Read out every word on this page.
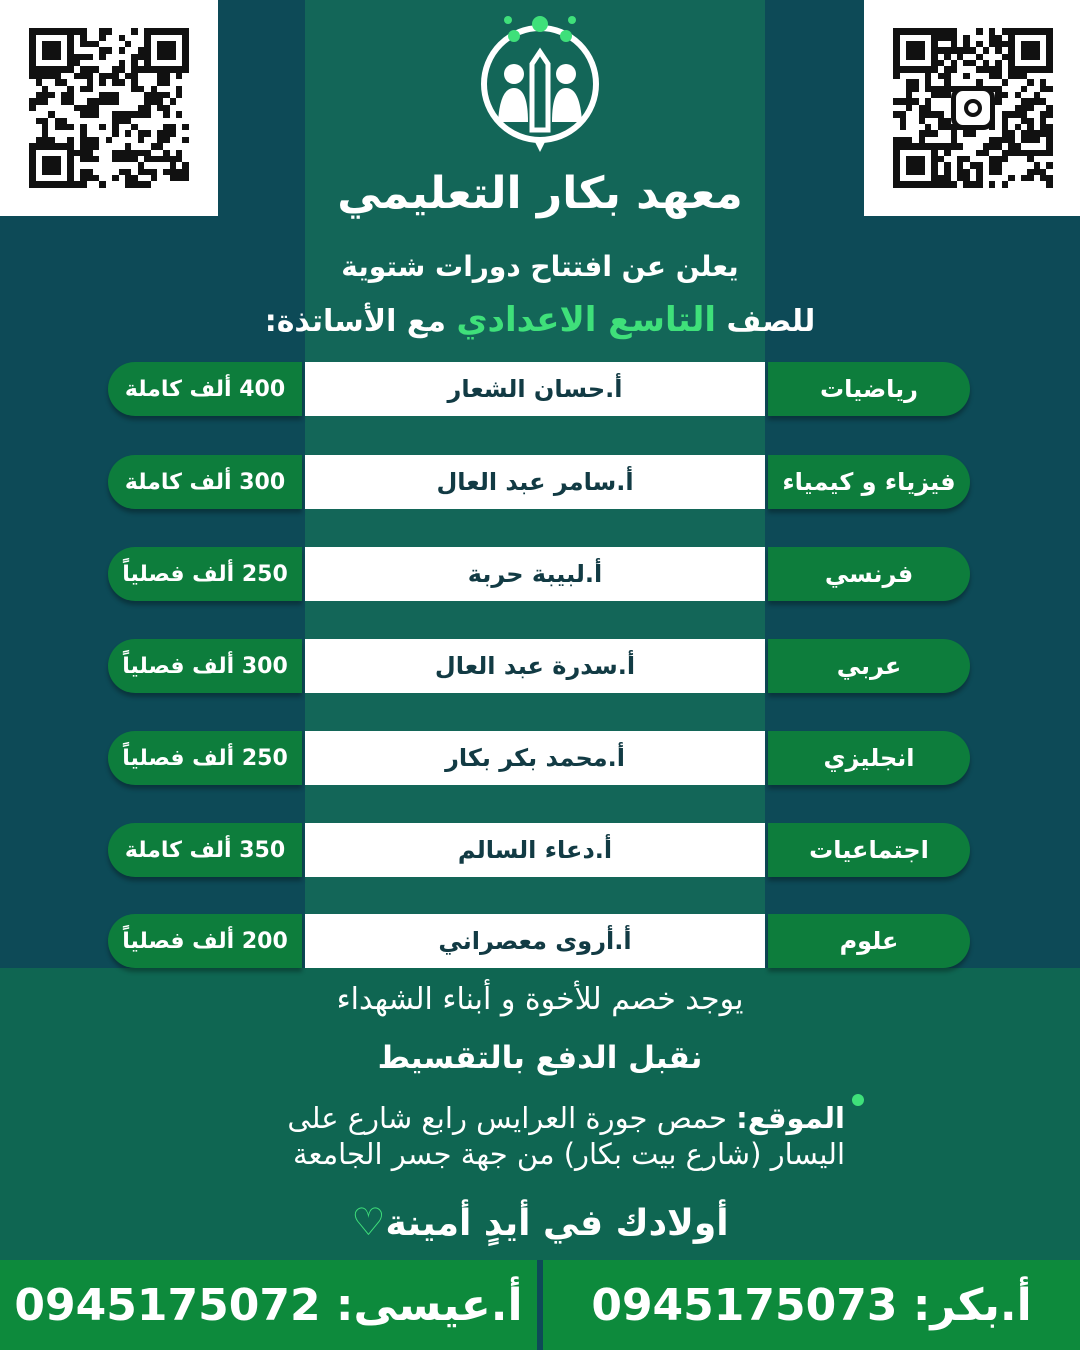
معهد بكار التعليمي
يعلن عن افتتاح دورات شتوية
للصف التاسع الاعدادي مع الأساتذة:
400 ألف كاملة	أ.حسان الشعار	رياضيات
300 ألف كاملة	أ.سامر عبد العال	فيزياء و كيمياء
250 ألف فصلياً	أ.لبيبة حربة	فرنسي
300 ألف فصلياً	أ.سدرة عبد العال	عربي
250 ألف فصلياً	أ.محمد بكر بكار	انجليزي
350 ألف كاملة	أ.دعاء السالم	اجتماعيات
200 ألف فصلياً	أ.أروى معصراني	علوم
يوجد خصم للأخوة و أبناء الشهداء
نقبل الدفع بالتقسيط
الموقع: حمص جورة العرايس رابع شارع على اليسار (شارع بيت بكار) من جهة جسر الجامعة
أولادك في أيدٍ أمينة♡
أ.عيسى:

0945175072	أ.بكر:

0945175073
